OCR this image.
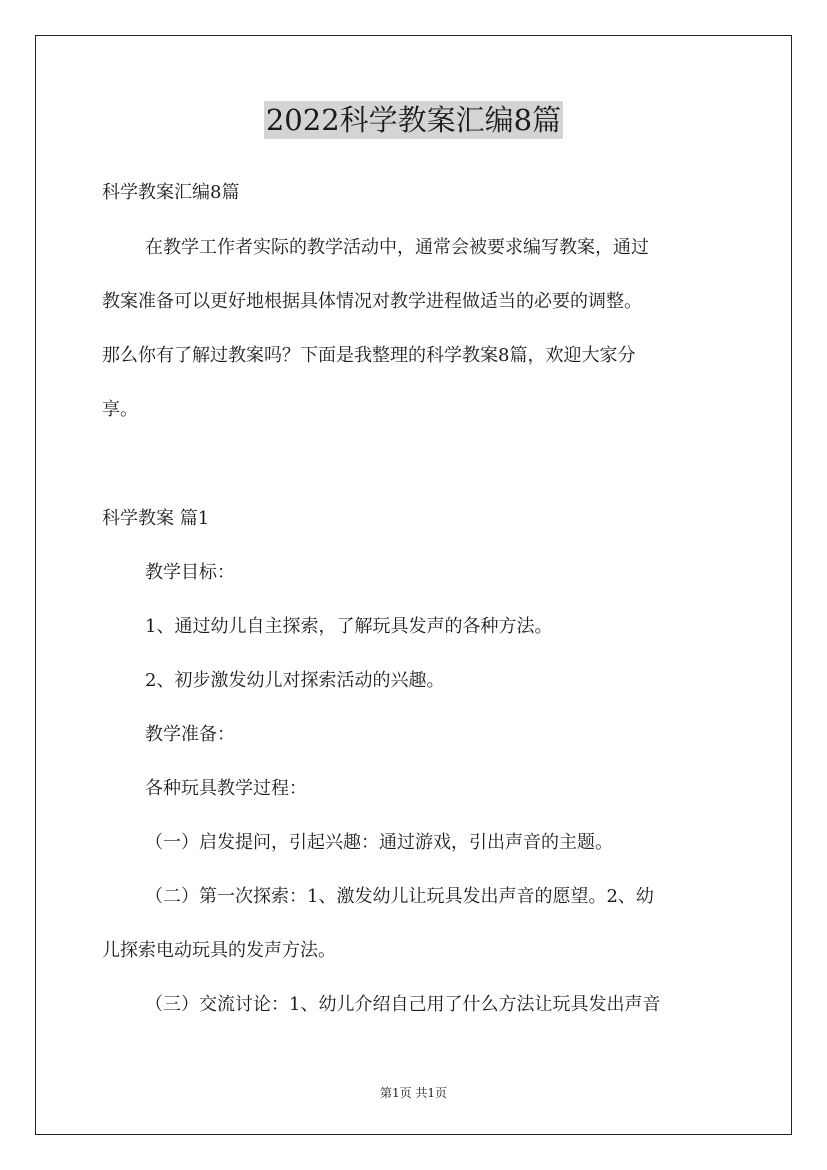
2022科学教案汇编8篇
科学教案汇编8篇
在教学工作者实际的教学活动中，通常会被要求编写教案，通过
教案准备可以更好地根据具体情况对教学进程做适当的必要的调整。
那么你有了解过教案吗？下面是我整理的科学教案8篇，欢迎大家分
享。
科学教案 篇1
教学目标：
1、通过幼儿自主探索，了解玩具发声的各种方法。
2、初步激发幼儿对探索活动的兴趣。
教学准备：
各种玩具教学过程：
（一）启发提问，引起兴趣：通过游戏，引出声音的主题。
（二）第一次探索：1、激发幼儿让玩具发出声音的愿望。2、幼
儿探索电动玩具的发声方法。
（三）交流讨论：1、幼儿介绍自己用了什么方法让玩具发出声音
第1页 共1页
